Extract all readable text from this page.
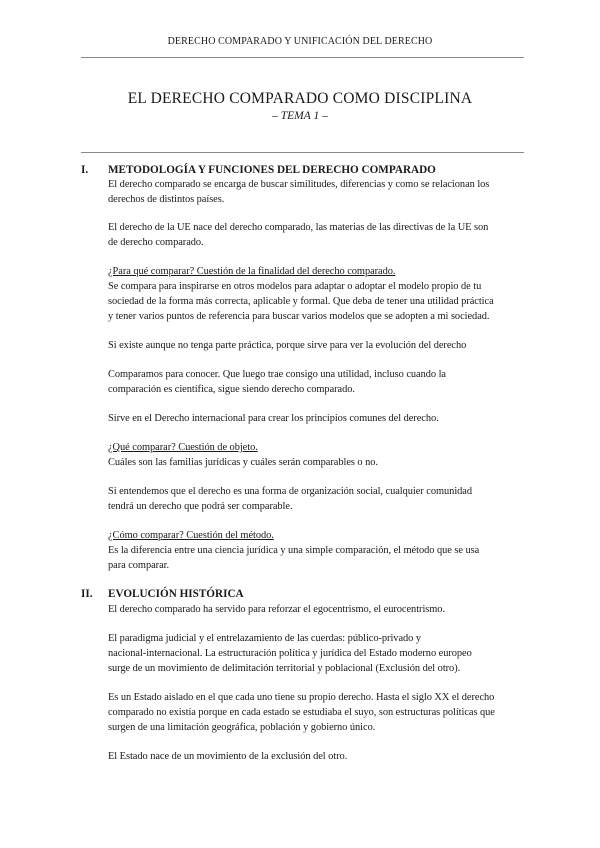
DERECHO COMPARADO Y UNIFICACIÓN DEL DERECHO
EL DERECHO COMPARADO COMO DISCIPLINA
– TEMA 1 –
I. METODOLOGÍA Y FUNCIONES DEL DERECHO COMPARADO
El derecho comparado se encarga de buscar similitudes, diferencias y como se relacionan los
derechos de distintos países.
El derecho de la UE nace del derecho comparado, las materias de las directivas de la UE son
de derecho comparado.
¿Para qué comparar? Cuestión de la finalidad del derecho comparado.
Se compara para inspirarse en otros modelos para adaptar o adoptar el modelo propio de tu
sociedad de la forma más correcta, aplicable y formal. Que deba de tener una utilidad práctica
y tener varios puntos de referencia para buscar varios modelos que se adopten a mi sociedad.
Si existe aunque no tenga parte práctica, porque sirve para ver la evolución del derecho
Comparamos para conocer. Que luego trae consigo una utilidad, incluso cuando la
comparación es científica, sigue siendo derecho comparado.
Sirve en el Derecho internacional para crear los principios comunes del derecho.
¿Qué comparar? Cuestión de objeto.
Cuáles son las familias jurídicas y cuáles serán comparables o no.
Si entendemos que el derecho es una forma de organización social, cualquier comunidad
tendrá un derecho que podrá ser comparable.
¿Cómo comparar? Cuestión del método.
Es la diferencia entre una ciencia jurídica y una simple comparación, el método que se usa
para comparar.
II. EVOLUCIÓN HISTÓRICA
El derecho comparado ha servido para reforzar el egocentrismo, el eurocentrismo.
El paradigma judicial y el entrelazamiento de las cuerdas: público-privado y
nacional-internacional. La estructuración política y jurídica del Estado moderno europeo
surge de un movimiento de delimitación territorial y poblacional (Exclusión del otro).
Es un Estado aislado en el que cada uno tiene su propio derecho. Hasta el siglo XX el derecho
comparado no existía porque en cada estado se estudiaba el suyo, son estructuras políticas que
surgen de una limitación geográfica, población y gobierno único.
El Estado nace de un movimiento de la exclusión del otro.
